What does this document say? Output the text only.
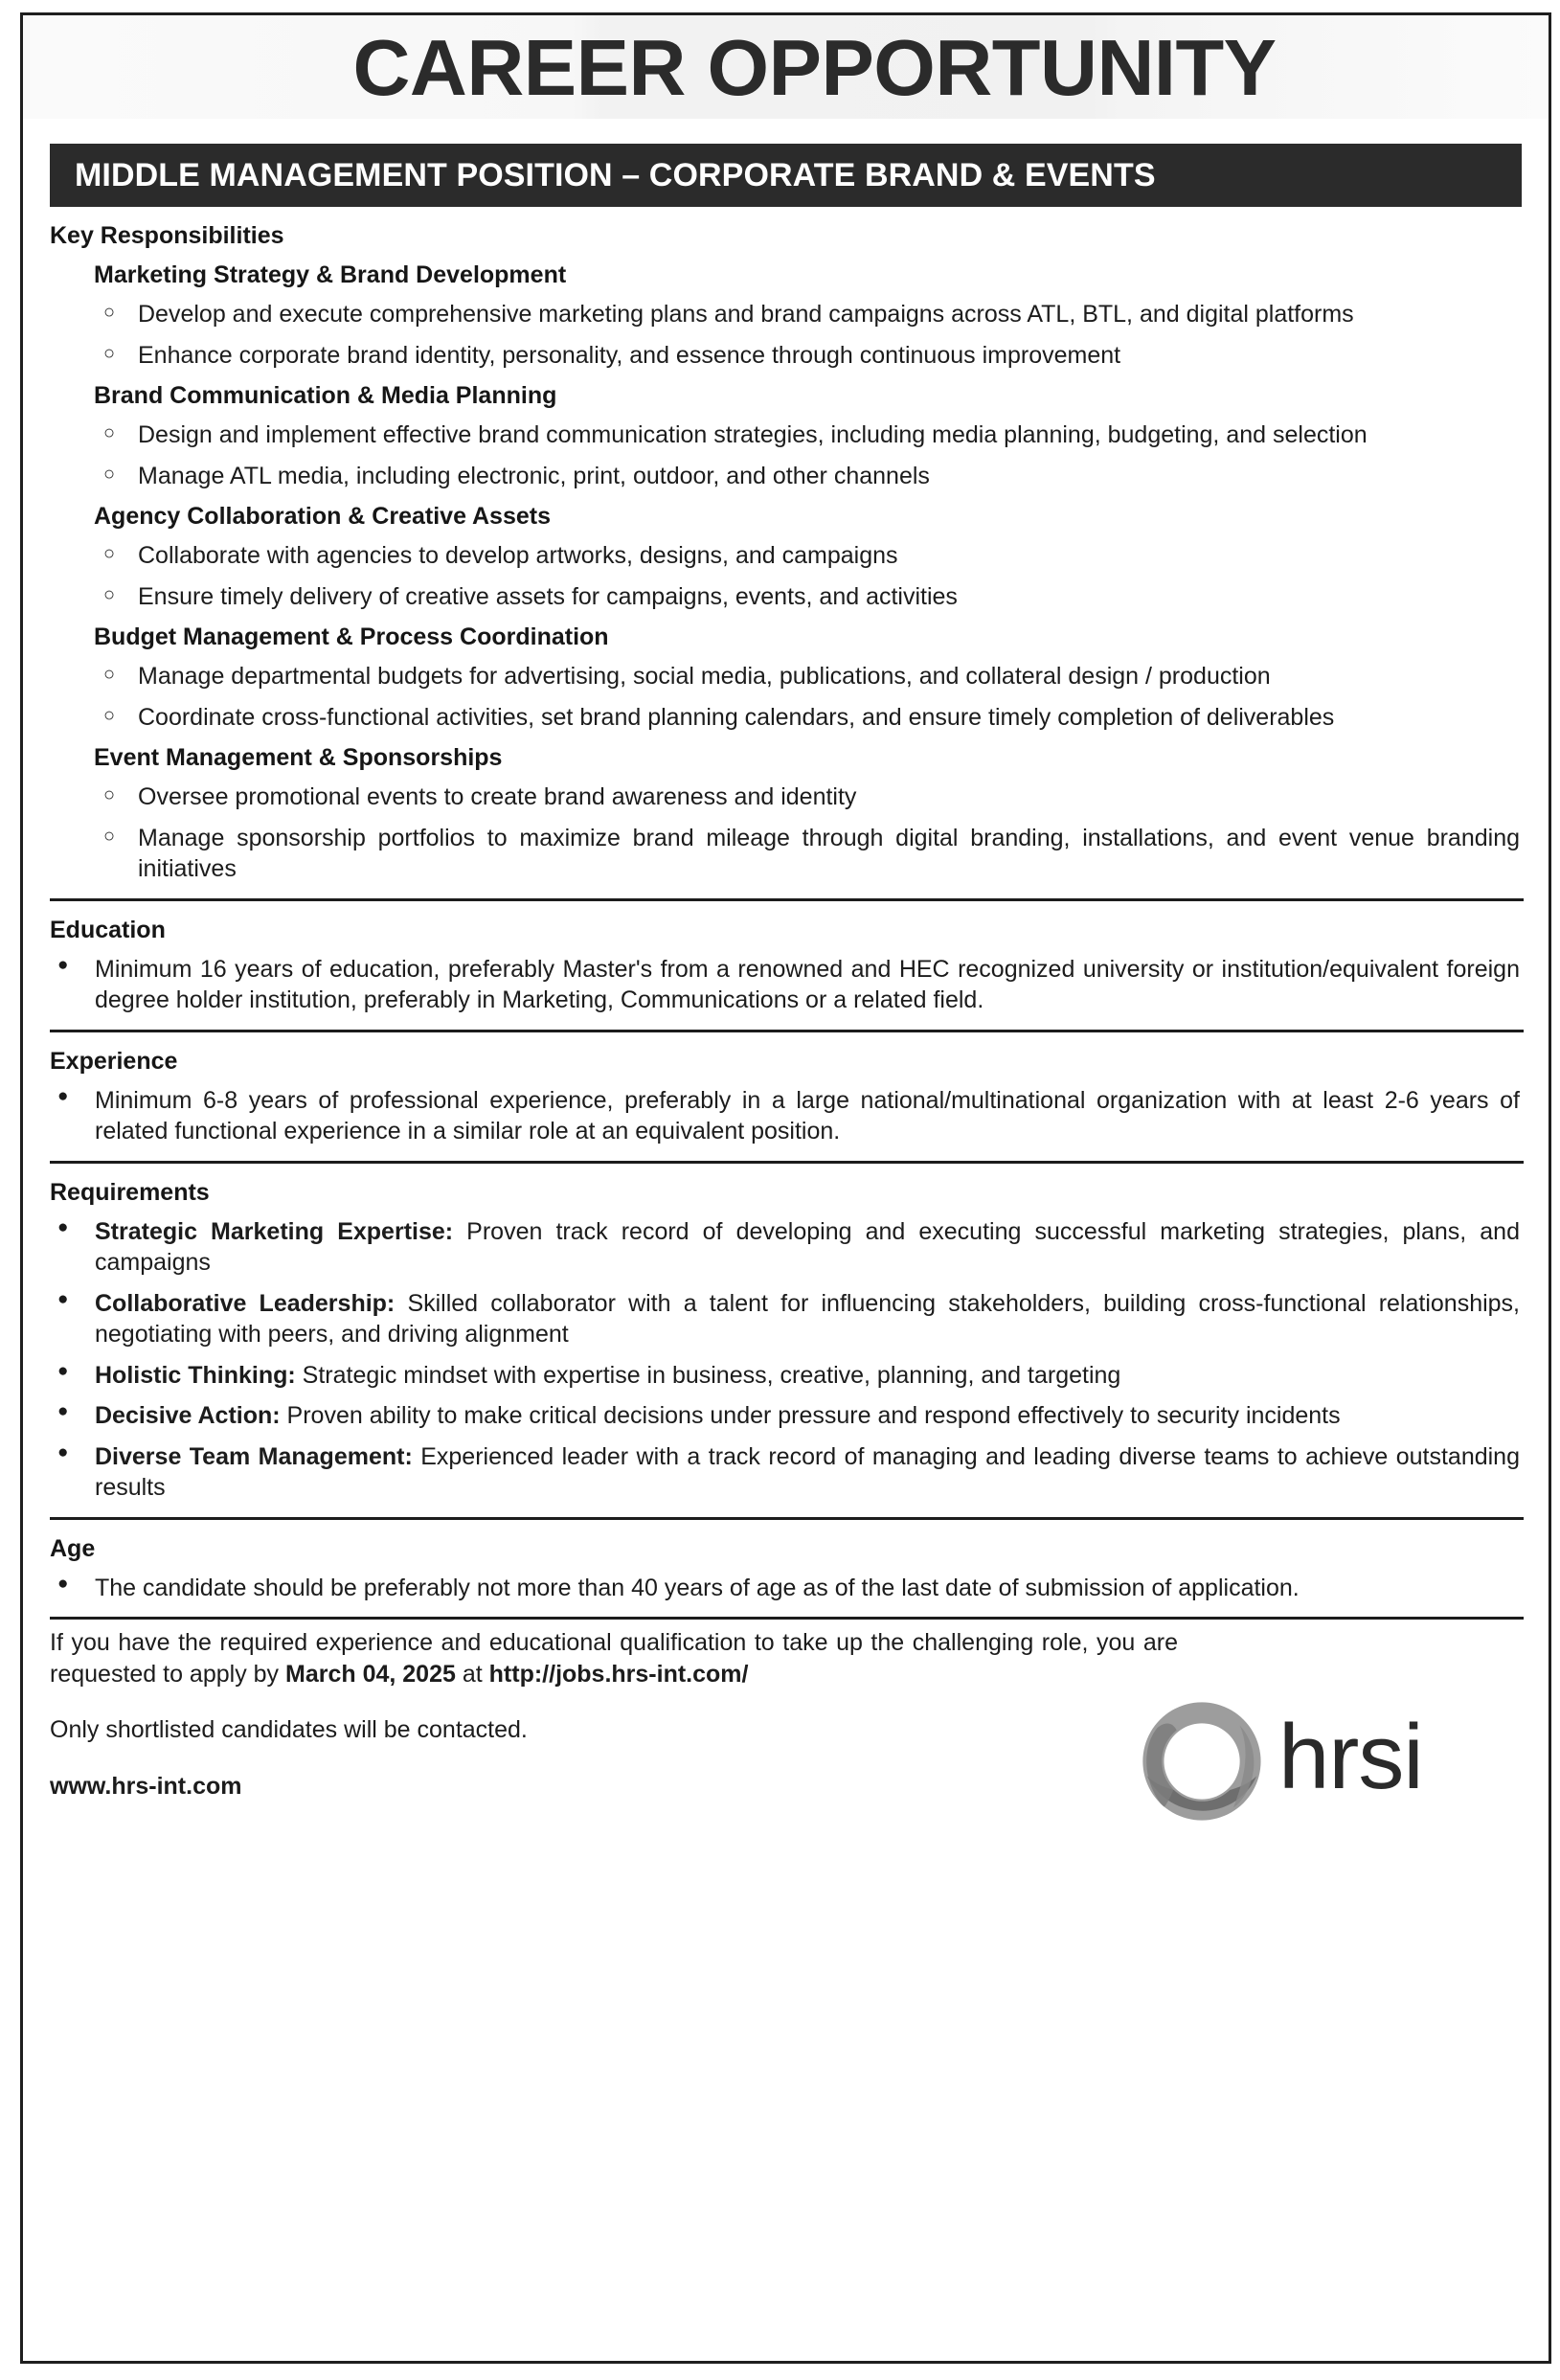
CAREER OPPORTUNITY
MIDDLE MANAGEMENT POSITION – CORPORATE BRAND & EVENTS
Key Responsibilities
Marketing Strategy & Brand Development
○ Develop and execute comprehensive marketing plans and brand campaigns across ATL, BTL, and digital platforms
○ Enhance corporate brand identity, personality, and essence through continuous improvement
Brand Communication & Media Planning
○ Design and implement effective brand communication strategies, including media planning, budgeting, and selection
○ Manage ATL media, including electronic, print, outdoor, and other channels
Agency Collaboration & Creative Assets
○ Collaborate with agencies to develop artworks, designs, and campaigns
○ Ensure timely delivery of creative assets for campaigns, events, and activities
Budget Management & Process Coordination
○ Manage departmental budgets for advertising, social media, publications, and collateral design / production
○ Coordinate cross-functional activities, set brand planning calendars, and ensure timely completion of deliverables
Event Management & Sponsorships
○ Oversee promotional events to create brand awareness and identity
○ Manage sponsorship portfolios to maximize brand mileage through digital branding, installations, and event venue branding initiatives
Education
● Minimum 16 years of education, preferably Master's from a renowned and HEC recognized university or institution/equivalent foreign degree holder institution, preferably in Marketing, Communications or a related field.
Experience
● Minimum 6-8 years of professional experience, preferably in a large national/multinational organization with at least 2-6 years of related functional experience in a similar role at an equivalent position.
Requirements
● Strategic Marketing Expertise: Proven track record of developing and executing successful marketing strategies, plans, and campaigns
● Collaborative Leadership: Skilled collaborator with a talent for influencing stakeholders, building cross-functional relationships, negotiating with peers, and driving alignment
● Holistic Thinking: Strategic mindset with expertise in business, creative, planning, and targeting
● Decisive Action: Proven ability to make critical decisions under pressure and respond effectively to security incidents
● Diverse Team Management: Experienced leader with a track record of managing and leading diverse teams to achieve outstanding results
Age
● The candidate should be preferably not more than 40 years of age as of the last date of submission of application.

If you have the required experience and educational qualification to take up the challenging role, you are requested to apply by March 04, 2025 at http://jobs.hrs-int.com/

Only shortlisted candidates will be contacted.

www.hrs-int.com	hrsi
